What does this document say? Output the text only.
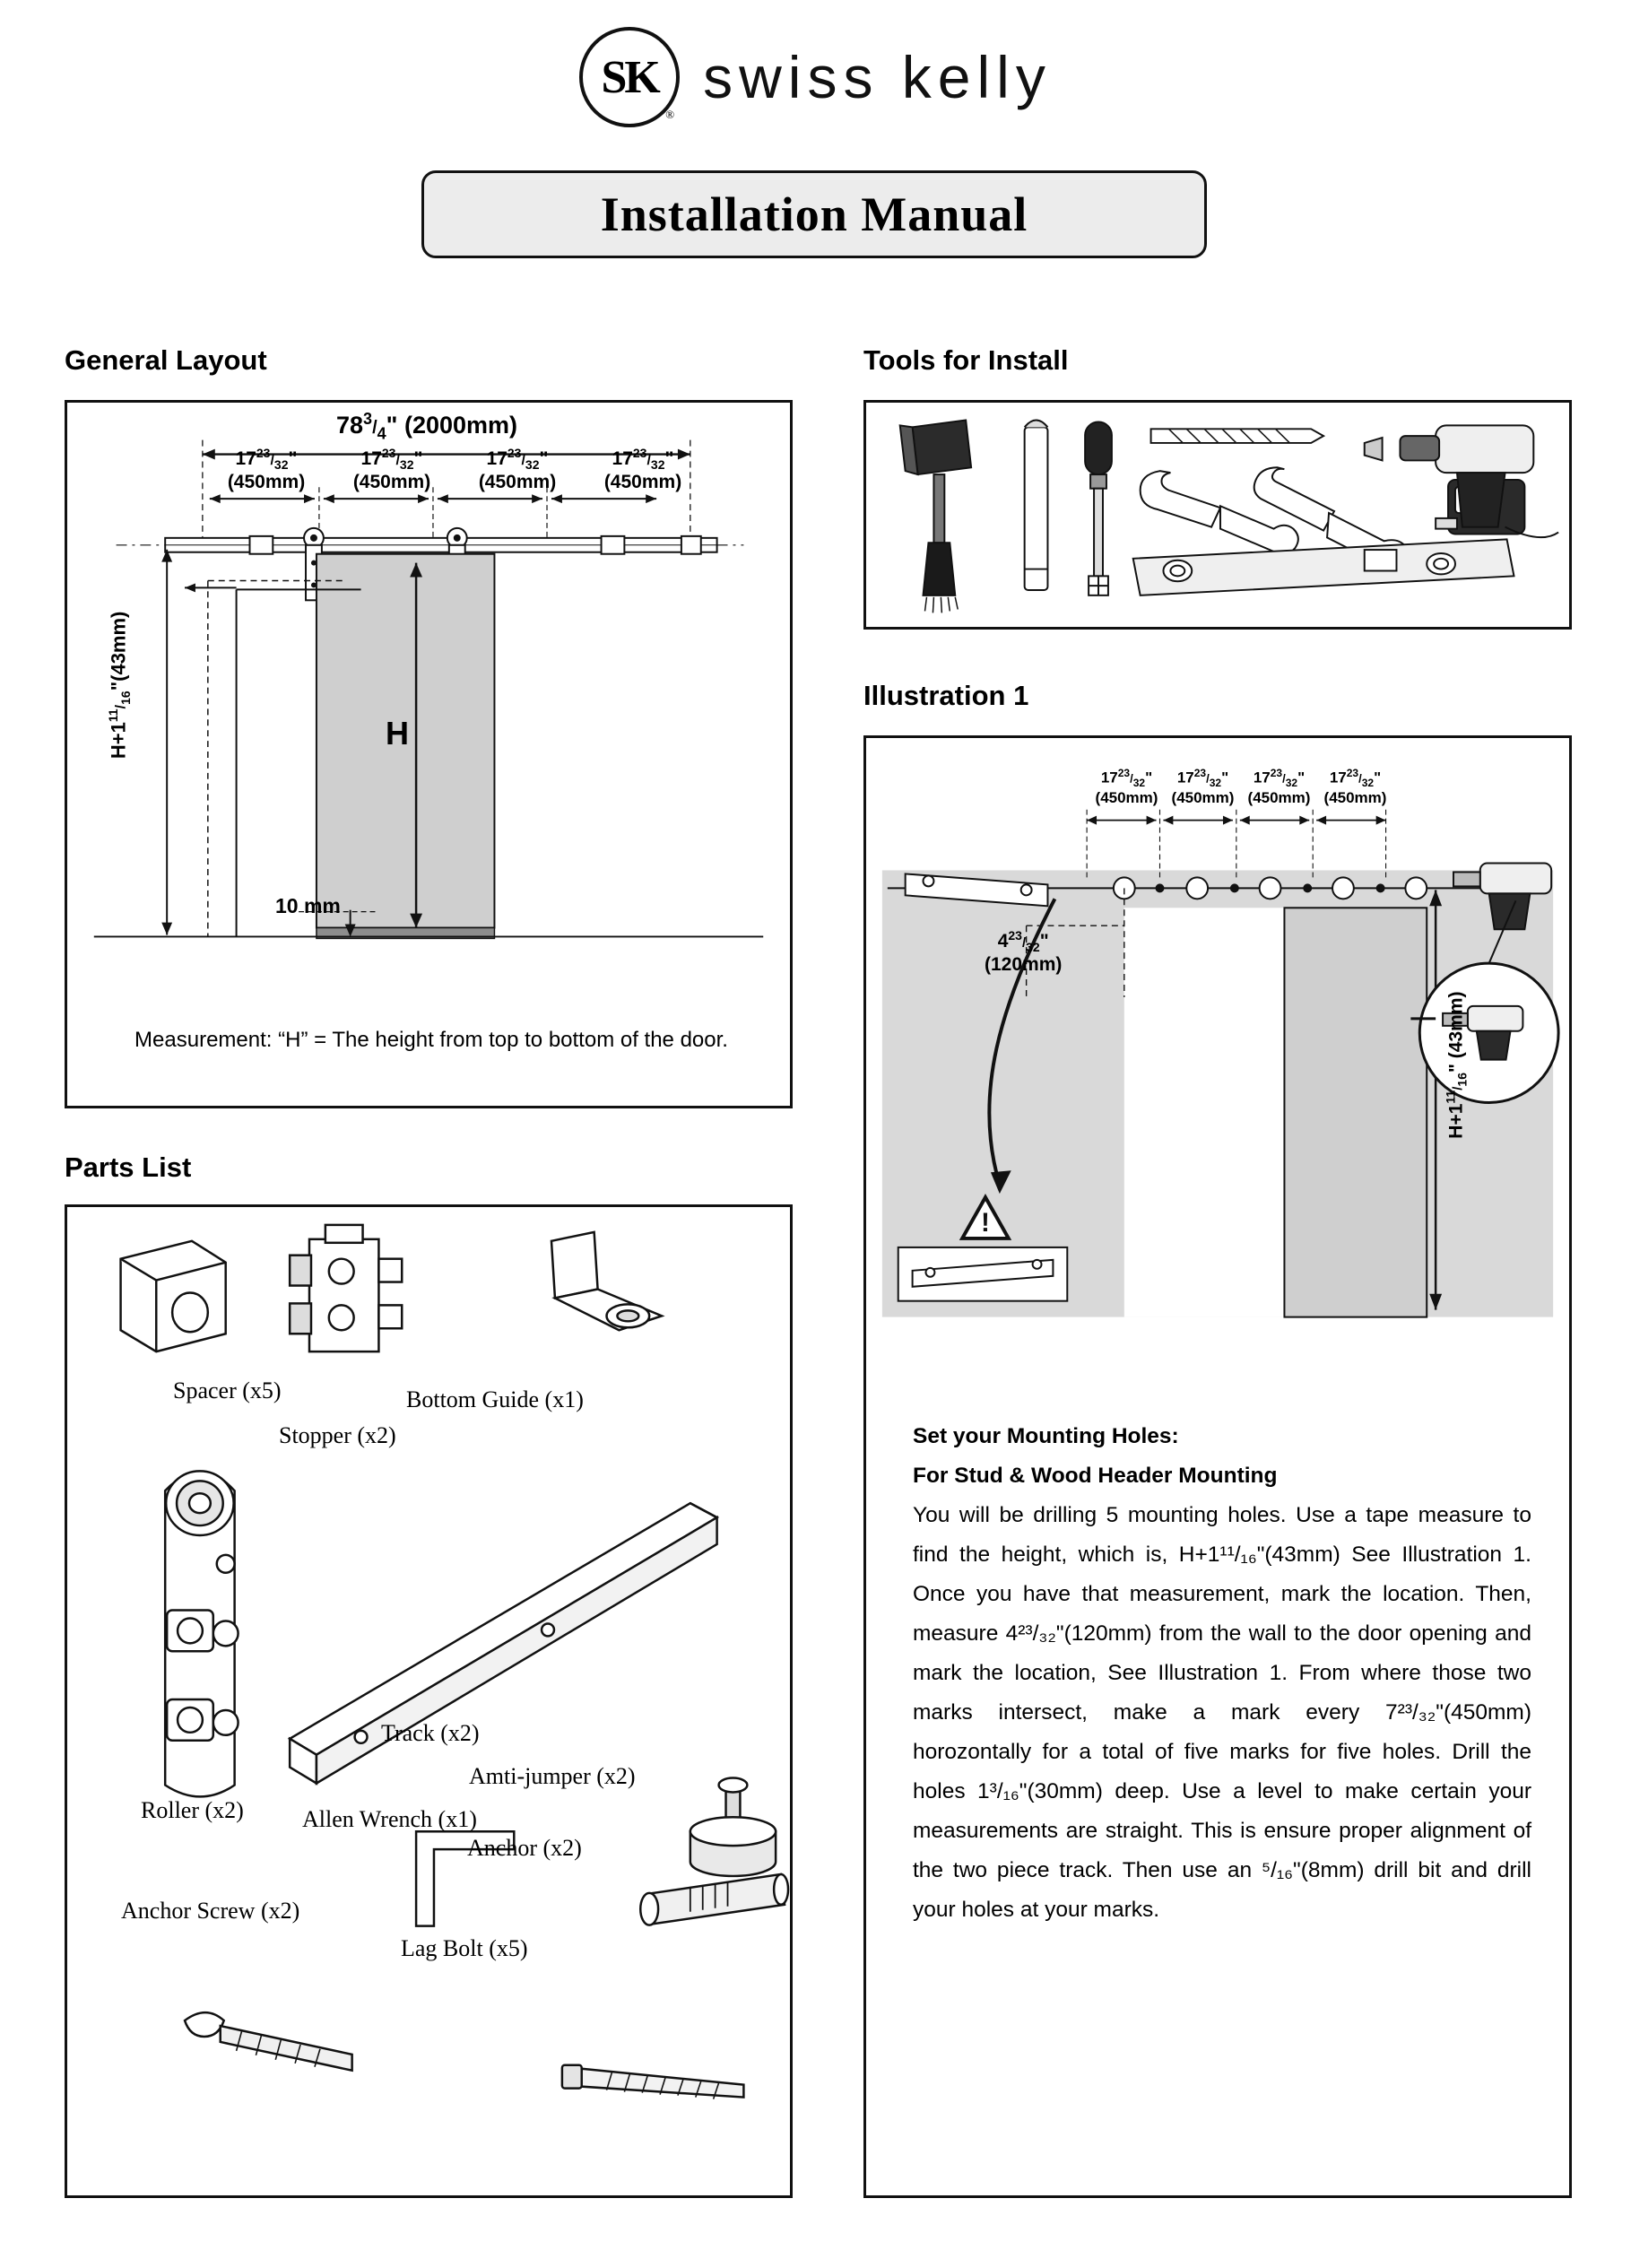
SK
®
swiss kelly
Installation Manual
General Layout
Parts List
Tools for Install
Illustration 1
$78^3/_4$" (2000mm)
$17^{23}/_{32}$"
(450mm)
$17^{23}/_{32}$"
(450mm)
$17^{23}/_{32}$"
(450mm)
$17^{23}/_{32}$"
(450mm)
$H+1^{11}/_{16}"(43mm)$
H
10 mm
Measurement: “H” = The height from top to bottom of the door.
!
$17^{23}/_{32}$"
(450mm)
$17^{23}/_{32}$"
(450mm)
$17^{23}/_{32}$"
(450mm)
$17^{23}/_{32}$"
(450mm)
$4^{23}/_{32}$"
(120mm)
$H+1^{11}/_{16}$" (43mm)
Set your Mounting Holes:
For Stud & Wood Header Mounting
You will be drilling 5 mounting holes. Use a tape measure to find the height, which is, H+1¹¹/₁₆"(43mm) See Illustration 1. Once you have that measurement, mark the location. Then, measure 4²³/₃₂"(120mm) from the wall to the door opening and mark the location, See Illustration 1. From where those two marks intersect, make a mark every 7²³/₃₂"(450mm) horozontally for a total of five marks for five holes. Drill the holes 1³/₁₆"(30mm) deep. Use a level to make certain your measurements are straight. This is ensure proper alignment of the two piece track. Then use an ⁵/₁₆"(8mm) drill bit and drill your holes at your marks.
Spacer (x5)
Stopper (x2)
Bottom Guide (x1)
Roller (x2)
Track (x2)
Amti-jumper (x2)
Allen Wrench (x1)
Anchor (x2)
Anchor Screw (x2)
Lag Bolt (x5)
